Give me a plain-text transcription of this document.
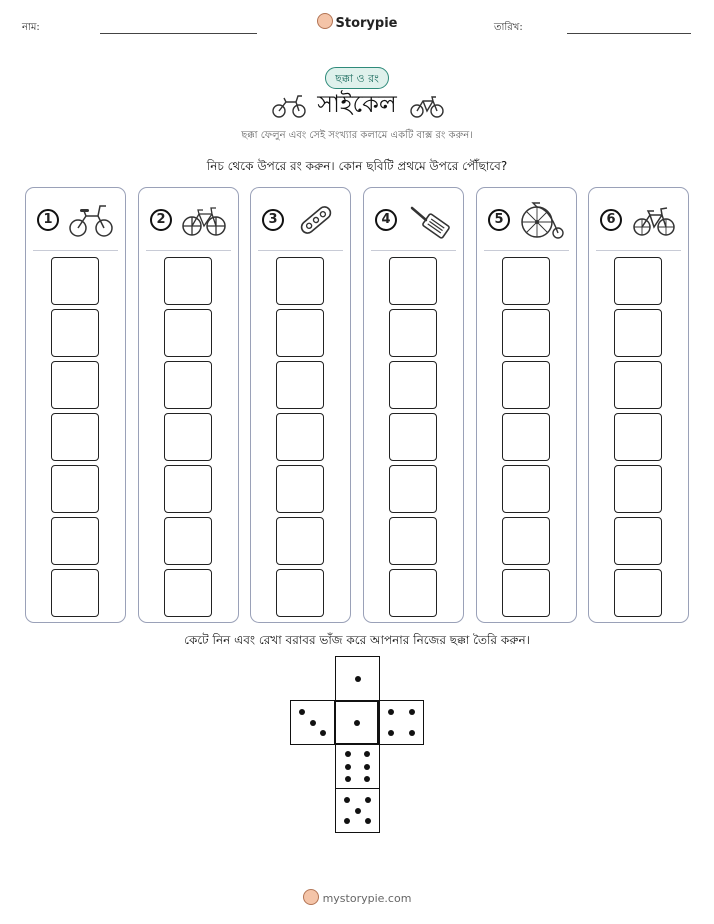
নাম:	Storypie	তারিখ:
ছক্কা ও রং
সাইকেল
ছক্কা ফেলুন এবং সেই সংখ্যার কলামে একটি বাক্স রং করুন।
নিচ থেকে উপরে রং করুন। কোন ছবিটি প্রথমে উপরে পৌঁছাবে?
1	2	3	4	5	6
কেটে নিন এবং রেখা বরাবর ভাঁজ করে আপনার নিজের ছক্কা তৈরি করুন।
mystorypie.com
